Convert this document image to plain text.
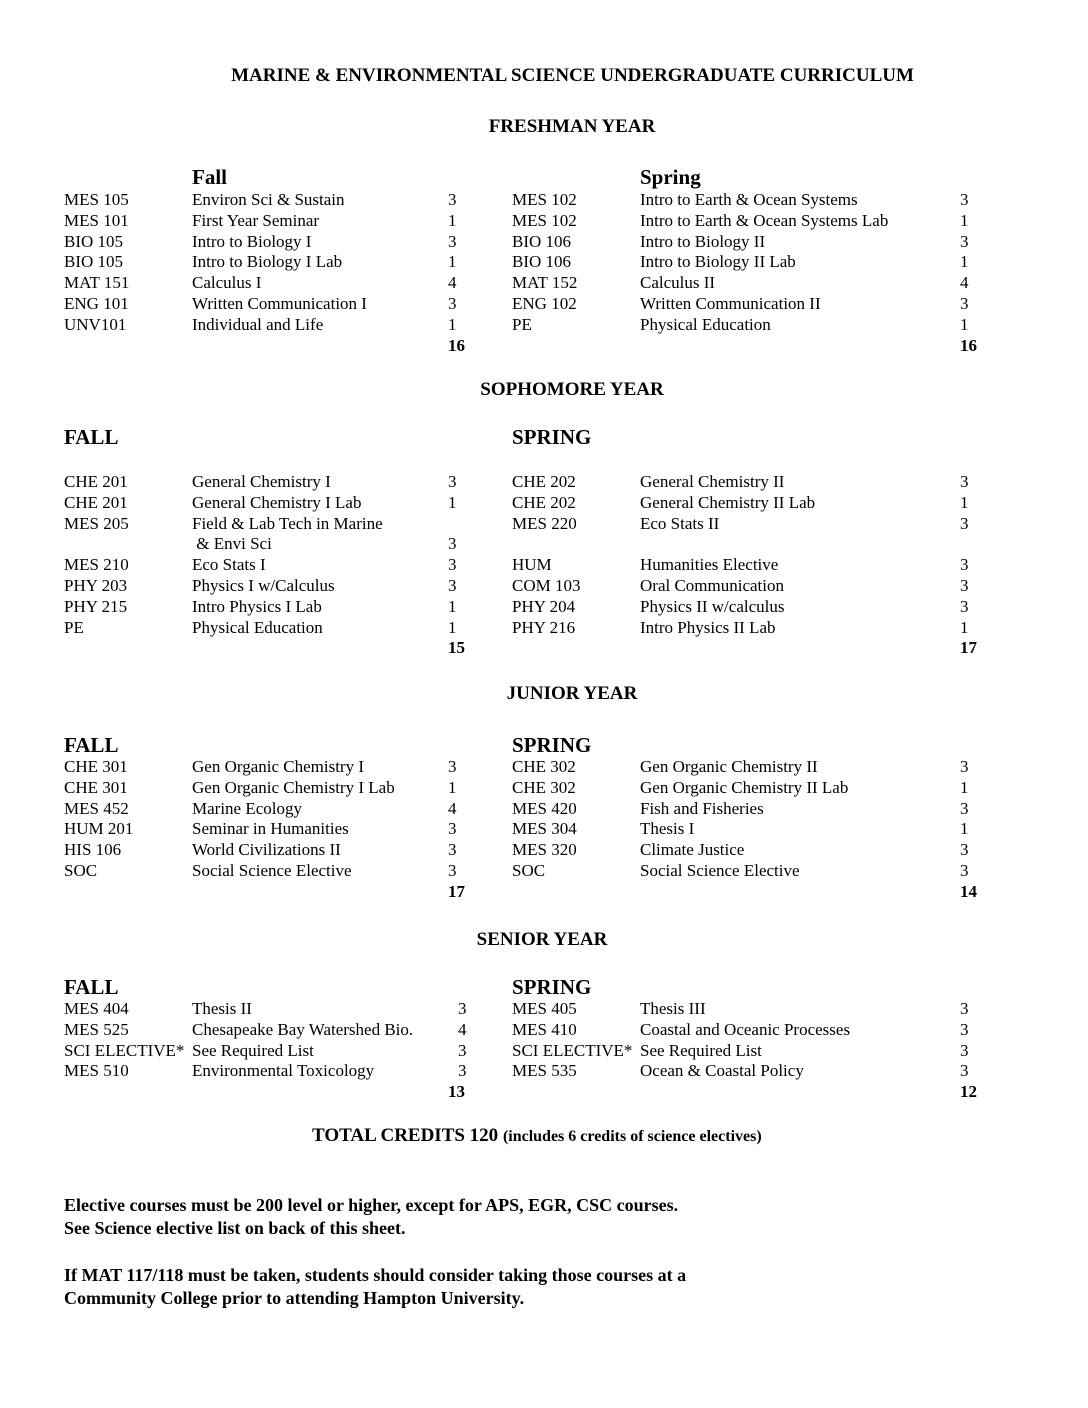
MARINE & ENVIRONMENTAL SCIENCE UNDERGRADUATE CURRICULUM
FRESHMAN YEAR
Fall
MES 105	Environ Sci & Sustain	3
MES 101	First Year Seminar	1
BIO 105	Intro to Biology I	3
BIO 105	Intro to Biology I Lab	1
MAT 151	Calculus I	4
ENG 101	Written Communication I	3
UNV101	Individual and Life	1
16
Spring
MES 102	Intro to Earth & Ocean Systems	3
MES 102	Intro to Earth & Ocean Systems Lab	1
BIO 106	Intro to Biology II	3
BIO 106	Intro to Biology II Lab	1
MAT 152	Calculus II	4
ENG 102	Written Communication II	3
PE	Physical Education	1
16
SOPHOMORE YEAR
FALL
CHE 201	General Chemistry I	3
CHE 201	General Chemistry I Lab	1
MES 205	Field & Lab Tech in Marine
& Envi Sci	3
MES 210	Eco Stats I	3
PHY 203	Physics I w/Calculus	3
PHY 215	Intro Physics I Lab	1
PE	Physical Education	1
15
SPRING
CHE 202	General Chemistry II	3
CHE 202	General Chemistry II Lab	1
MES 220	Eco Stats II	3
HUM	Humanities Elective	3
COM 103	Oral Communication	3
PHY 204	Physics II w/calculus	3
PHY 216	Intro Physics II Lab	1
17
JUNIOR YEAR
FALL
CHE 301	Gen Organic Chemistry I	3
CHE 301	Gen Organic Chemistry I Lab	1
MES 452	Marine Ecology	4
HUM 201	Seminar in Humanities	3
HIS 106	World Civilizations II	3
SOC	Social Science Elective	3
17
SPRING
CHE 302	Gen Organic Chemistry II	3
CHE 302	Gen Organic Chemistry II Lab	1
MES 420	Fish and Fisheries	3
MES 304	Thesis I	1
MES 320	Climate Justice	3
SOC	Social Science Elective	3
14
SENIOR YEAR
FALL
MES 404	Thesis II	3
MES 525	Chesapeake Bay Watershed Bio.	4
SCI ELECTIVE* See Required List	3
MES 510	Environmental Toxicology	3
13
SPRING
MES 405	Thesis III	3
MES 410	Coastal and Oceanic Processes	3
SCI ELECTIVE* See Required List	3
MES 535	Ocean & Coastal Policy	3
12
TOTAL CREDITS 120 (includes 6 credits of science electives)
Elective courses must be 200 level or higher, except for APS, EGR, CSC courses.
See Science elective list on back of this sheet.
If MAT 117/118 must be taken, students should consider taking those courses at a
Community College prior to attending Hampton University.
